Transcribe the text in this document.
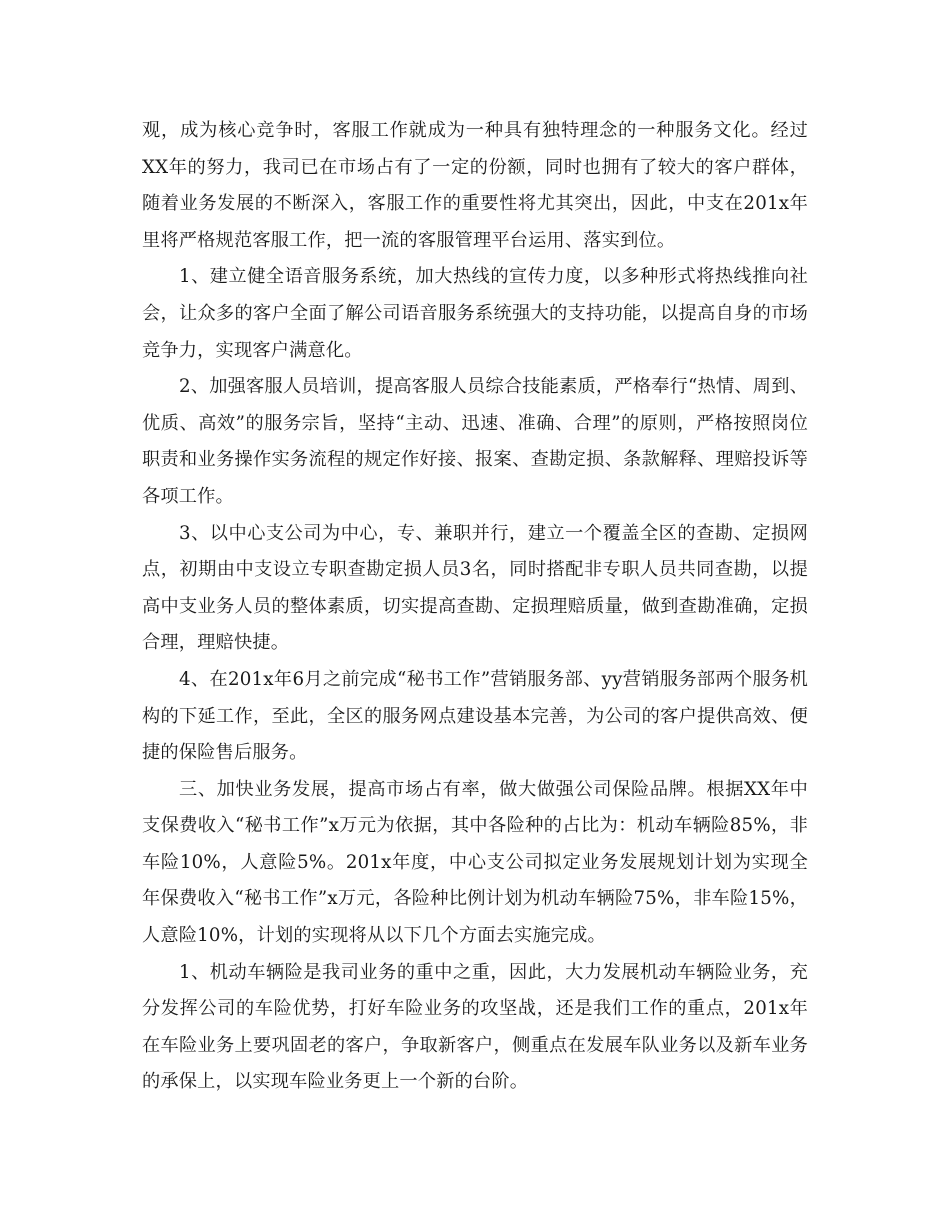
观，成为核心竞争时，客服工作就成为一种具有独特理念的一种服务文化。经过XX年的努力，我司已在市场占有了一定的份额，同时也拥有了较大的客户群体，随着业务发展的不断深入，客服工作的重要性将尤其突出，因此，中支在201x年里将严格规范客服工作，把一流的客服管理平台运用、落实到位。

1、建立健全语音服务系统，加大热线的宣传力度，以多种形式将热线推向社会，让众多的客户全面了解公司语音服务系统强大的支持功能，以提高自身的市场竞争力，实现客户满意化。

2、加强客服人员培训，提高客服人员综合技能素质，严格奉行“热情、周到、优质、高效”的服务宗旨，坚持“主动、迅速、准确、合理”的原则，严格按照岗位职责和业务操作实务流程的规定作好接、报案、查勘定损、条款解释、理赔投诉等各项工作。

3、以中心支公司为中心，专、兼职并行，建立一个覆盖全区的查勘、定损网点，初期由中支设立专职查勘定损人员3名，同时搭配非专职人员共同查勘，以提高中支业务人员的整体素质，切实提高查勘、定损理赔质量，做到查勘准确，定损合理，理赔快捷。

4、在201x年6月之前完成“秘书工作”营销服务部、yy营销服务部两个服务机构的下延工作，至此，全区的服务网点建设基本完善，为公司的客户提供高效、便捷的保险售后服务。

三、加快业务发展，提高市场占有率，做大做强公司保险品牌。根据XX年中支保费收入“秘书工作”x万元为依据，其中各险种的占比为：机动车辆险85%，非车险10%，人意险5%。201x年度，中心支公司拟定业务发展规划计划为实现全年保费收入“秘书工作”x万元，各险种比例计划为机动车辆险75%，非车险15%，人意险10%，计划的实现将从以下几个方面去实施完成。

1、机动车辆险是我司业务的重中之重，因此，大力发展机动车辆险业务，充分发挥公司的车险优势，打好车险业务的攻坚战，还是我们工作的重点，201x年在车险业务上要巩固老的客户，争取新客户，侧重点在发展车队业务以及新车业务的承保上，以实现车险业务更上一个新的台阶。
